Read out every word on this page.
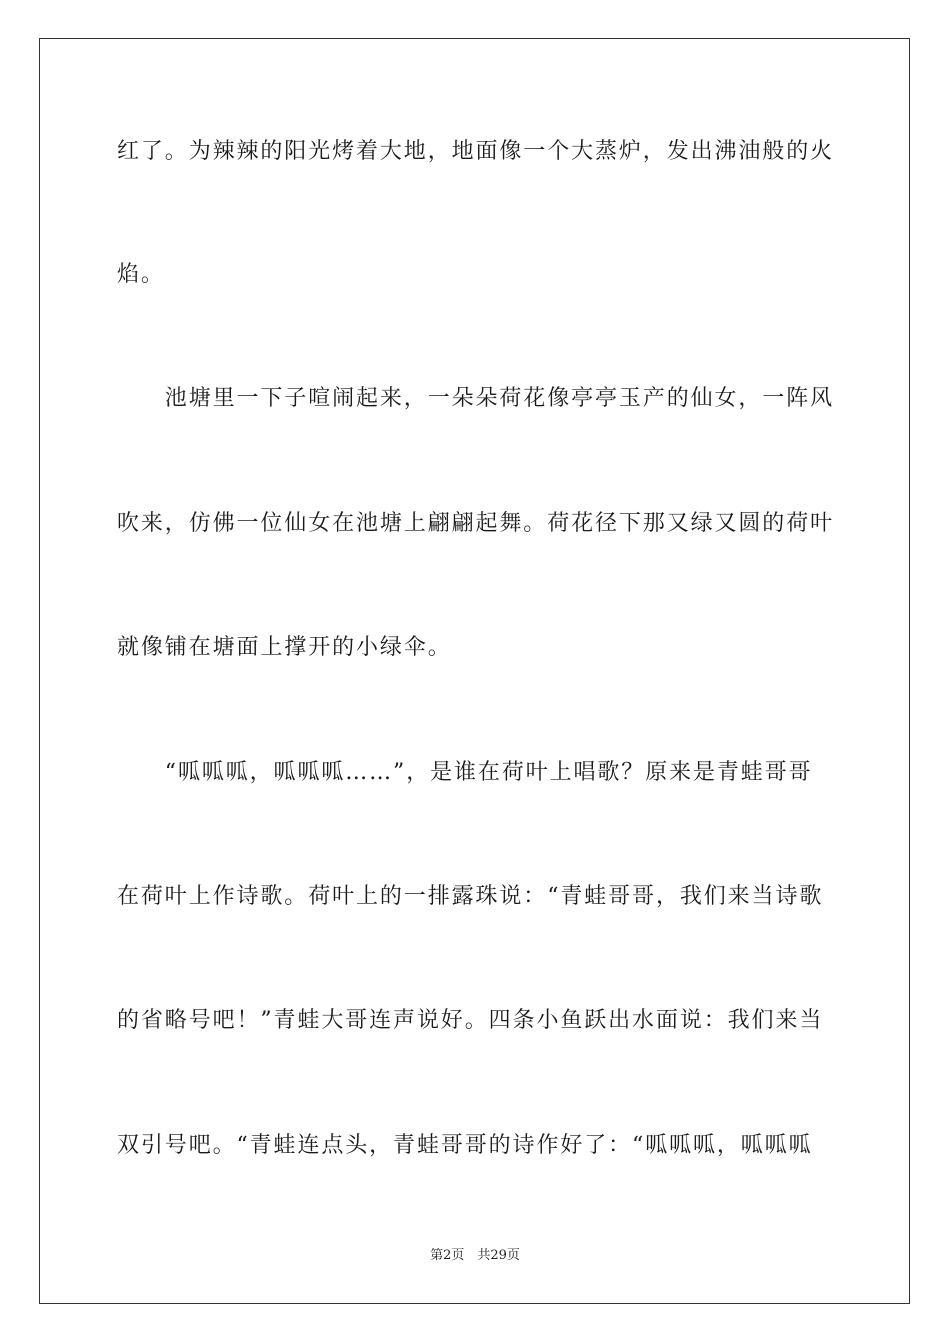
红了。为辣辣的阳光烤着大地，地面像一个大蒸炉，发出沸油般的火
焰。
　　池塘里一下子喧闹起来，一朵朵荷花像亭亭玉产的仙女，一阵风
吹来，仿佛一位仙女在池塘上翩翩起舞。荷花径下那又绿又圆的荷叶
就像铺在塘面上撑开的小绿伞。
　　“呱呱呱，呱呱呱……”，是谁在荷叶上唱歌？原来是青蛙哥哥
在荷叶上作诗歌。荷叶上的一排露珠说：“青蛙哥哥，我们来当诗歌
的省略号吧！”青蛙大哥连声说好。四条小鱼跃出水面说：我们来当
双引号吧。“青蛙连点头，青蛙哥哥的诗作好了：“呱呱呱，呱呱呱
第2页　共29页
